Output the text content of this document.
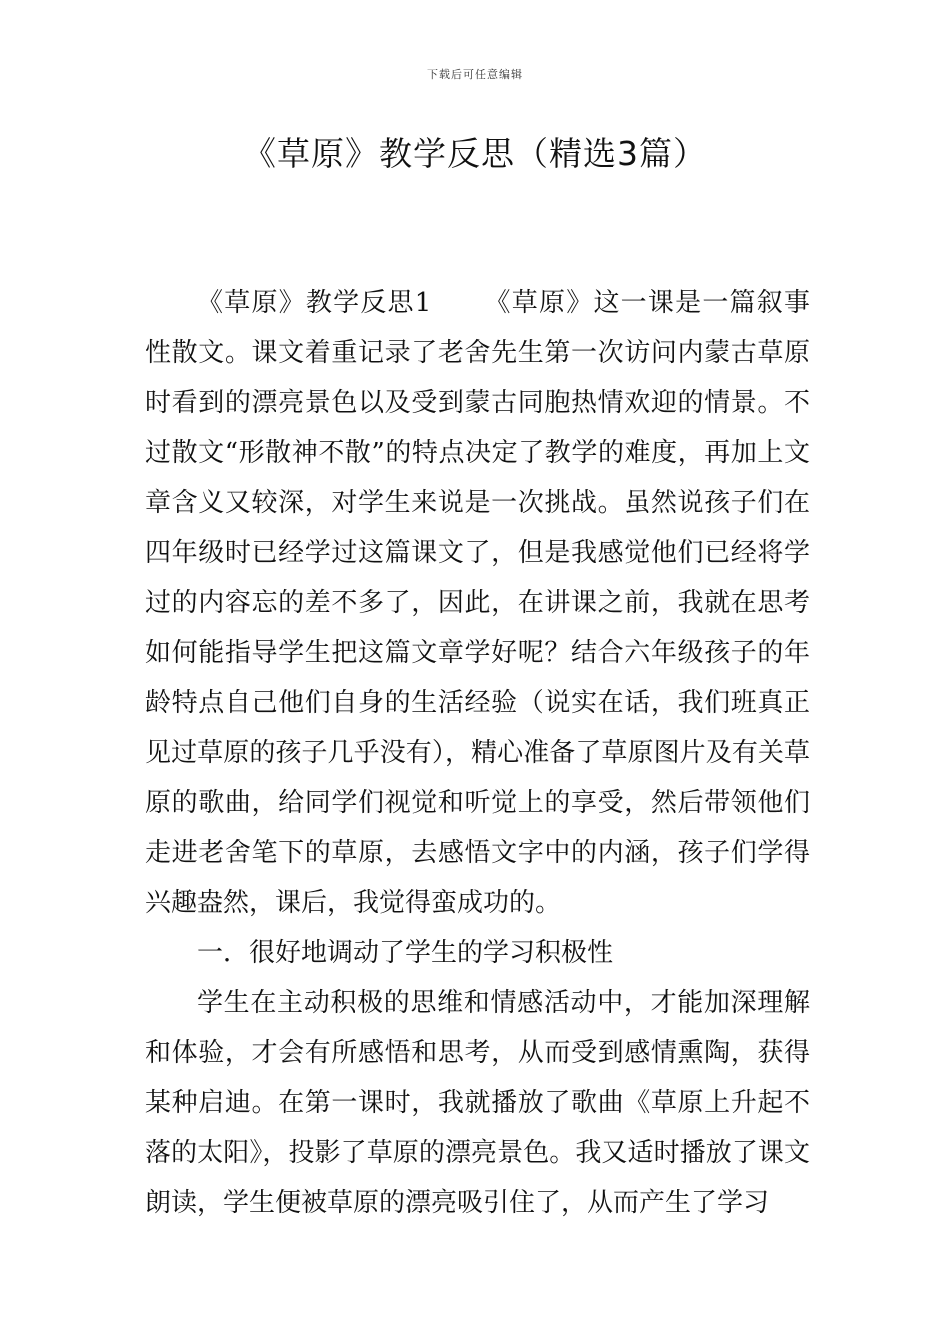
下载后可任意编辑
《草原》教学反思（精选3篇）

《草原》教学反思1 《草原》这一课是一篇叙事性散文。课文着重记录了老舍先生第一次访问内蒙古草原时看到的漂亮景色以及受到蒙古同胞热情欢迎的情景。不过散文“形散神不散”的特点决定了教学的难度，再加上文章含义又较深，对学生来说是一次挑战。虽然说孩子们在四年级时已经学过这篇课文了，但是我感觉他们已经将学过的内容忘的差不多了，因此，在讲课之前，我就在思考如何能指导学生把这篇文章学好呢？结合六年级孩子的年龄特点自己他们自身的生活经验（说实在话，我们班真正见过草原的孩子几乎没有），精心准备了草原图片及有关草原的歌曲，给同学们视觉和听觉上的享受，然后带领他们走进老舍笔下的草原，去感悟文字中的内涵，孩子们学得兴趣盎然，课后，我觉得蛮成功的。

一．很好地调动了学生的学习积极性

学生在主动积极的思维和情感活动中，才能加深理解和体验，才会有所感悟和思考，从而受到感情熏陶，获得某种启迪。在第一课时，我就播放了歌曲《草原上升起不落的太阳》，投影了草原的漂亮景色。我又适时播放了课文朗读，学生便被草原的漂亮吸引住了，从而产生了学习
